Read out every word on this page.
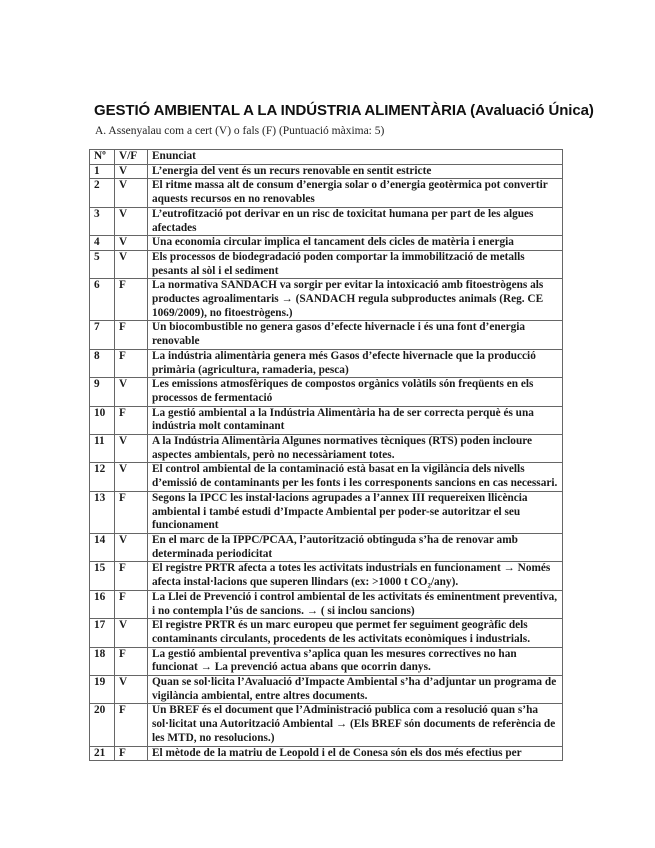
GESTIÓ AMBIENTAL A LA INDÚSTRIA ALIMENTÀRIA (Avaluació Única)
A. Assenyalau com a cert (V) o fals (F) (Puntuació màxima: 5)
Nº	V/F	Enunciat
1	V	L’energia del vent és un recurs renovable en sentit estricte
2	V	El ritme massa alt de consum d’energia solar o d’energia geotèrmica pot convertir aquests recursos en no renovables
3	V	L’eutrofització pot derivar en un risc de toxicitat humana per part de les algues afectades
4	V	Una economia circular implica el tancament dels cicles de matèria i energia
5	V	Els processos de biodegradació poden comportar la immobilització de metalls pesants al sòl i el sediment
6	F	La normativa SANDACH va sorgir per evitar la intoxicació amb fitoestrògens als productes agroalimentaris → (SANDACH regula subproductes animals (Reg. CE 1069/2009), no fitoestrògens.)
7	F	Un biocombustible no genera gasos d’efecte hivernacle i és una font d’energia renovable
8	F	La indústria alimentària genera més Gasos d’efecte hivernacle que la producció primària (agricultura, ramaderia, pesca)
9	V	Les emissions atmosfèriques de compostos orgànics volàtils són freqüents en els processos de fermentació
10	F	La gestió ambiental a la Indústria Alimentària ha de ser correcta perquè és una indústria molt contaminant
11	V	A la Indústria Alimentària Algunes normatives tècniques (RTS) poden incloure aspectes ambientals, però no necessàriament totes.
12	V	El control ambiental de la contaminació està basat en la vigilància dels nivells d’emissió de contaminants per les fonts i les corresponents sancions en cas necessari.
13	F	Segons la IPCC les instal·lacions agrupades a l’annex III requereixen llicència ambiental i també estudi d’Impacte Ambiental per poder-se autoritzar el seu funcionament
14	V	En el marc de la IPPC/PCAA, l’autorització obtinguda s’ha de renovar amb determinada periodicitat
15	F	El registre PRTR afecta a totes les activitats industrials en funcionament → Només afecta instal·lacions que superen llindars (ex: >1000 t CO₂/any).
16	F	La Llei de Prevenció i control ambiental de les activitats és eminentment preventiva, i no contempla l’ús de sancions. → ( si inclou sancions)
17	V	El registre PRTR és un marc europeu que permet fer seguiment geogràfic dels contaminants circulants, procedents de les activitats econòmiques i industrials.
18	F	La gestió ambiental preventiva s’aplica quan les mesures correctives no han funcionat → La prevenció actua abans que ocorrin danys.
19	V	Quan se sol·licita l’Avaluació d’Impacte Ambiental s’ha d’adjuntar un programa de vigilància ambiental, entre altres documents.
20	F	Un BREF és el document que l’Administració publica com a resolució quan s’ha sol·licitat una Autorització Ambiental → (Els BREF són documents de referència de les MTD, no resolucions.)
21	F	El mètode de la matriu de Leopold i el de Conesa són els dos més efectius per
